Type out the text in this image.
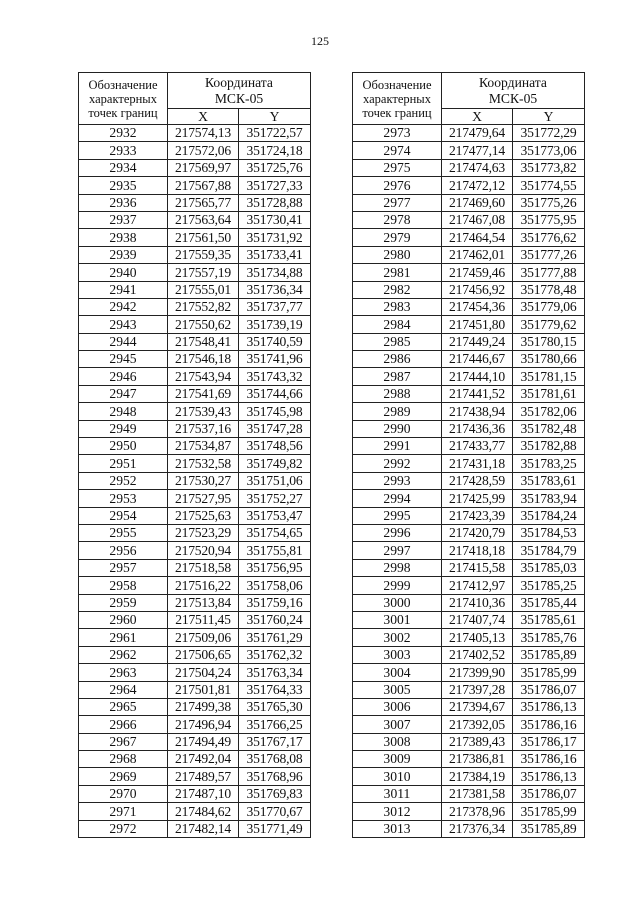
125
Обозначение
характерных
точек границ	Координата
МСК-05	
	X	Y
2932	217574,13	351722,57
2933	217572,06	351724,18
2934	217569,97	351725,76
2935	217567,88	351727,33
2936	217565,77	351728,88
2937	217563,64	351730,41
2938	217561,50	351731,92
2939	217559,35	351733,41
2940	217557,19	351734,88
2941	217555,01	351736,34
2942	217552,82	351737,77
2943	217550,62	351739,19
2944	217548,41	351740,59
2945	217546,18	351741,96
2946	217543,94	351743,32
2947	217541,69	351744,66
2948	217539,43	351745,98
2949	217537,16	351747,28
2950	217534,87	351748,56
2951	217532,58	351749,82
2952	217530,27	351751,06
2953	217527,95	351752,27
2954	217525,63	351753,47
2955	217523,29	351754,65
2956	217520,94	351755,81
2957	217518,58	351756,95
2958	217516,22	351758,06
2959	217513,84	351759,16
2960	217511,45	351760,24
2961	217509,06	351761,29
2962	217506,65	351762,32
2963	217504,24	351763,34
2964	217501,81	351764,33
2965	217499,38	351765,30
2966	217496,94	351766,25
2967	217494,49	351767,17
2968	217492,04	351768,08
2969	217489,57	351768,96
2970	217487,10	351769,83
2971	217484,62	351770,67
2972	217482,14	351771,49
Обозначение
характерных
точек границ	Координата
МСК-05	
	X	Y
2973	217479,64	351772,29
2974	217477,14	351773,06
2975	217474,63	351773,82
2976	217472,12	351774,55
2977	217469,60	351775,26
2978	217467,08	351775,95
2979	217464,54	351776,62
2980	217462,01	351777,26
2981	217459,46	351777,88
2982	217456,92	351778,48
2983	217454,36	351779,06
2984	217451,80	351779,62
2985	217449,24	351780,15
2986	217446,67	351780,66
2987	217444,10	351781,15
2988	217441,52	351781,61
2989	217438,94	351782,06
2990	217436,36	351782,48
2991	217433,77	351782,88
2992	217431,18	351783,25
2993	217428,59	351783,61
2994	217425,99	351783,94
2995	217423,39	351784,24
2996	217420,79	351784,53
2997	217418,18	351784,79
2998	217415,58	351785,03
2999	217412,97	351785,25
3000	217410,36	351785,44
3001	217407,74	351785,61
3002	217405,13	351785,76
3003	217402,52	351785,89
3004	217399,90	351785,99
3005	217397,28	351786,07
3006	217394,67	351786,13
3007	217392,05	351786,16
3008	217389,43	351786,17
3009	217386,81	351786,16
3010	217384,19	351786,13
3011	217381,58	351786,07
3012	217378,96	351785,99
3013	217376,34	351785,89
